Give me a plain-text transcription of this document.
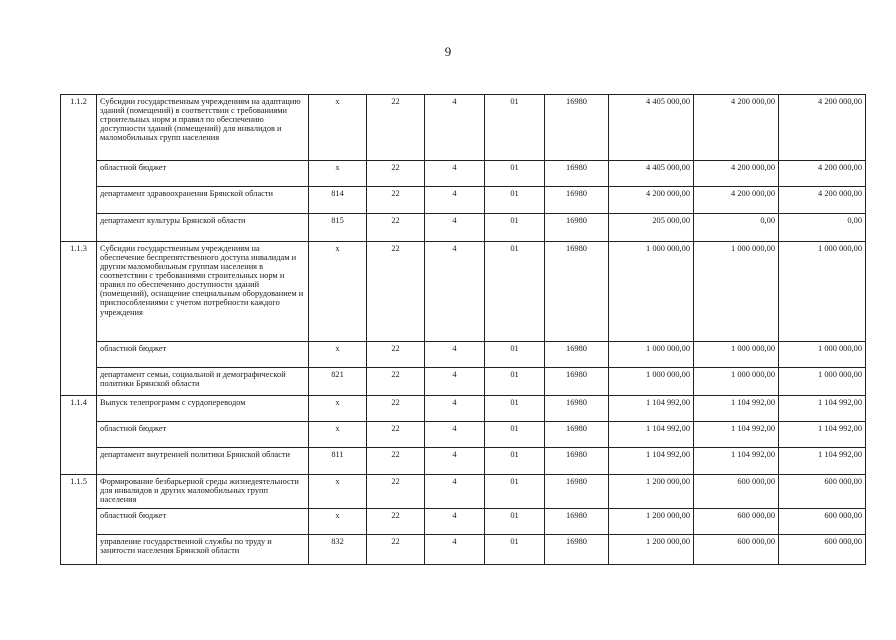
9
1.1.2	Субсидии государственным учреждениям на адаптацию зданий (помещений) в соответствии с требованиями строительных норм и правил по обеспечению доступности зданий (помещений) для инвалидов и маломобильных групп населения	х	22	4	01	16980	4 405 000,00	4 200 000,00	4 200 000,00
	областной бюджет	х	22	4	01	16980	4 405 000,00	4 200 000,00	4 200 000,00
	департамент здравоохранения Брянской области	814	22	4	01	16980	4 200 000,00	4 200 000,00	4 200 000,00
	департамент культуры Брянской области	815	22	4	01	16980	205 000,00	0,00	0,00
1.1.3	Субсидии государственным учреждениям на обеспечение беспрепятственного доступа инвалидам и другим маломобильным группам населения в соответствии с требованиями строительных норм и правил по обеспечению доступности зданий (помещений), оснащение специальным оборудованием и приспособлениями с учетом потребности каждого учреждения	х	22	4	01	16980	1 000 000,00	1 000 000,00	1 000 000,00
	областной бюджет	х	22	4	01	16980	1 000 000,00	1 000 000,00	1 000 000,00
	департамент семьи, социальной и демографической политики Брянской области	821	22	4	01	16980	1 000 000,00	1 000 000,00	1 000 000,00
1.1.4	Выпуск телепрограмм с сурдопереводом	х	22	4	01	16980	1 104 992,00	1 104 992,00	1 104 992,00
	областной бюджет	х	22	4	01	16980	1 104 992,00	1 104 992,00	1 104 992,00
	департамент внутренней политики Брянской области	811	22	4	01	16980	1 104 992,00	1 104 992,00	1 104 992,00
1.1.5	Формирование безбарьерной среды жизнедеятельности для инвалидов и других маломобильных групп населения	х	22	4	01	16980	1 200 000,00	600 000,00	600 000,00
	областной бюджет	х	22	4	01	16980	1 200 000,00	600 000,00	600 000,00
	управление государственной службы по труду и занятости населения Брянской области	832	22	4	01	16980	1 200 000,00	600 000,00	600 000,00
